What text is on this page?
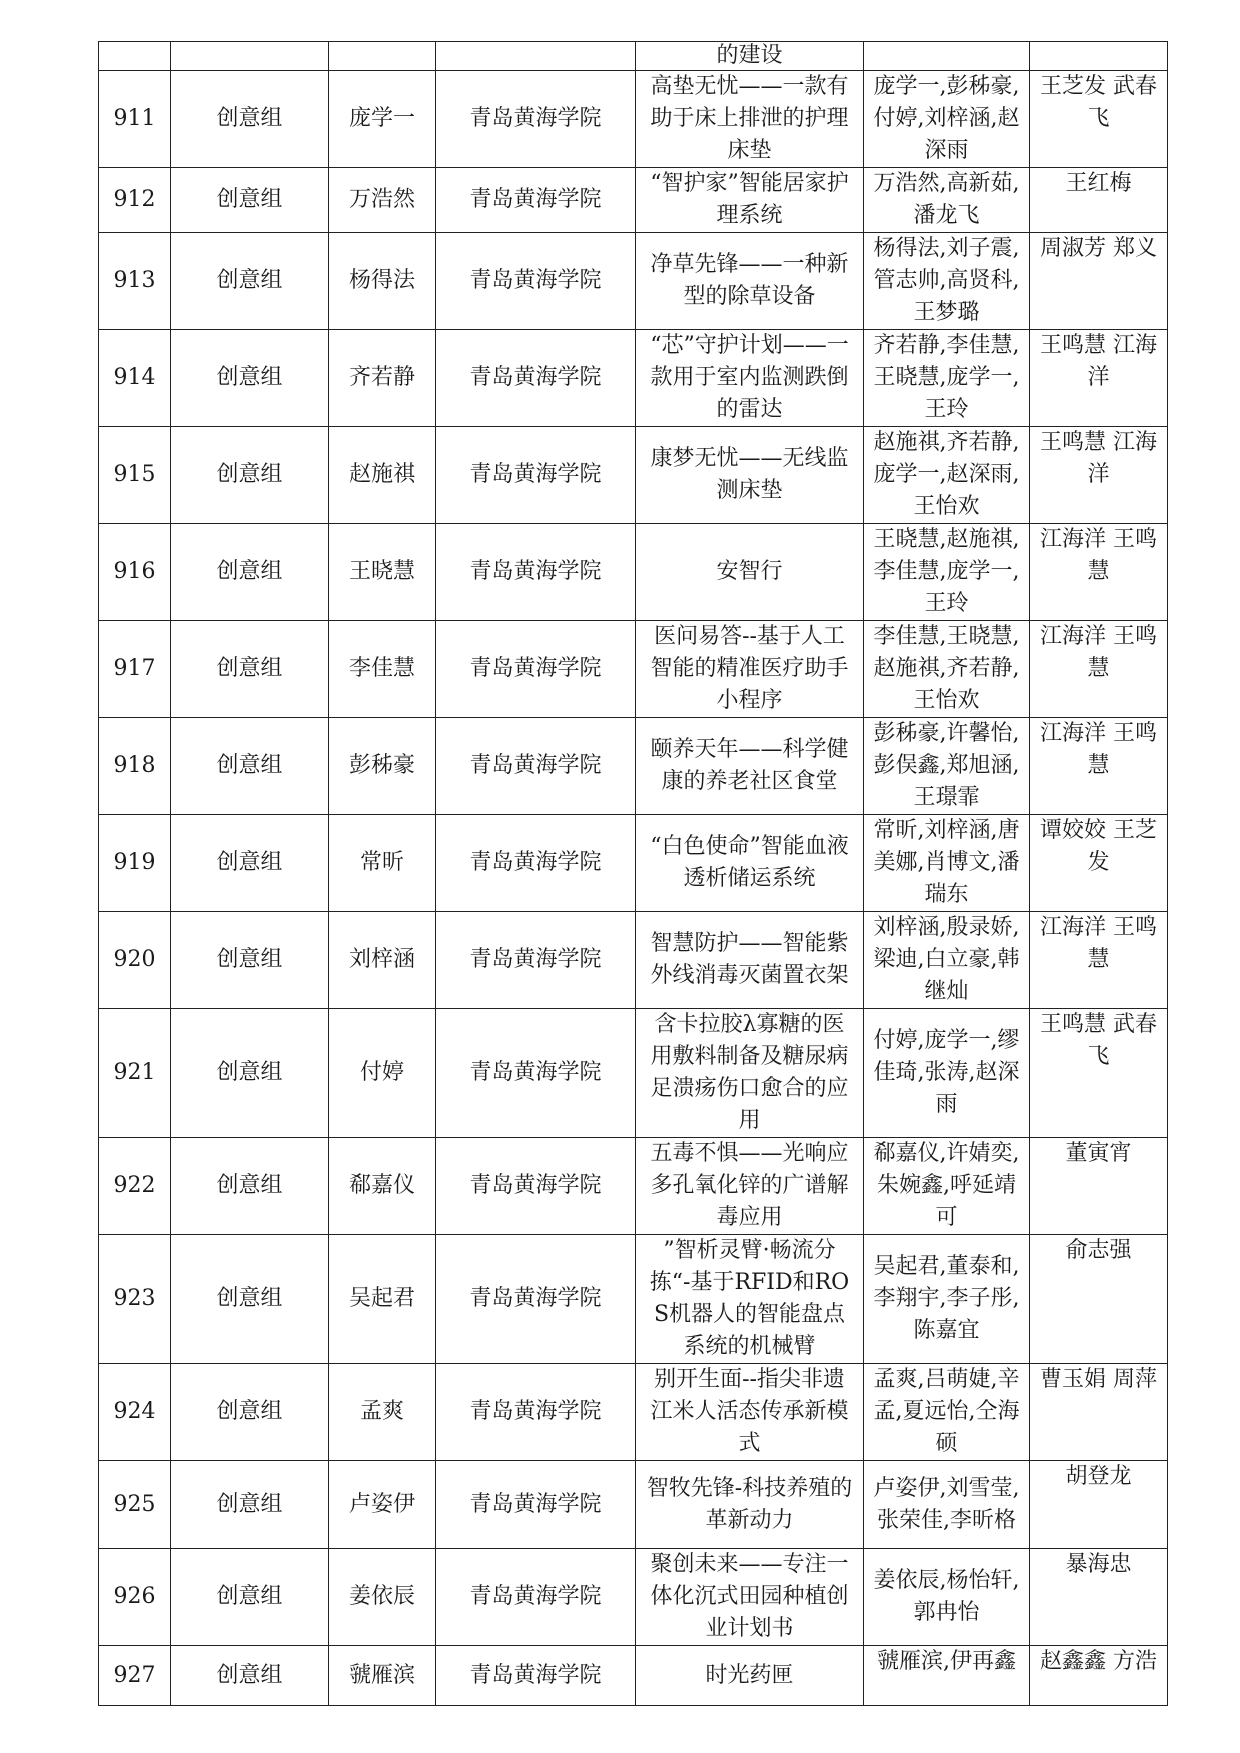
				的建设		
911	创意组	庞学一	青岛黄海学院	高垫无忧——一款有助于床上排泄的护理床垫	庞学一,彭秭豪,付婷,刘梓涵,赵深雨	王芝发 武春飞
912	创意组	万浩然	青岛黄海学院	“智护家”智能居家护理系统	万浩然,高新茹,潘龙飞	王红梅
913	创意组	杨得法	青岛黄海学院	净草先锋——一种新型的除草设备	杨得法,刘子震,管志帅,高贤科,王梦璐	周淑芳 郑义
914	创意组	齐若静	青岛黄海学院	“芯”守护计划——一款用于室内监测跌倒的雷达	齐若静,李佳慧,王晓慧,庞学一,王玲	王鸣慧 江海洋
915	创意组	赵施祺	青岛黄海学院	康梦无忧——无线监测床垫	赵施祺,齐若静,庞学一,赵深雨,王怡欢	王鸣慧 江海洋
916	创意组	王晓慧	青岛黄海学院	安智行	王晓慧,赵施祺,李佳慧,庞学一,王玲	江海洋 王鸣慧
917	创意组	李佳慧	青岛黄海学院	医问易答--基于人工智能的精准医疗助手小程序	李佳慧,王晓慧,赵施祺,齐若静,王怡欢	江海洋 王鸣慧
918	创意组	彭秭豪	青岛黄海学院	颐养天年——科学健康的养老社区食堂	彭秭豪,许馨怡,彭俣鑫,郑旭涵,王璟霏	江海洋 王鸣慧
919	创意组	常昕	青岛黄海学院	“白色使命”智能血液透析储运系统	常昕,刘梓涵,唐美娜,肖博文,潘瑞东	谭姣姣 王芝发
920	创意组	刘梓涵	青岛黄海学院	智慧防护——智能紫外线消毒灭菌置衣架	刘梓涵,殷录娇,梁迪,白立豪,韩继灿	江海洋 王鸣慧
921	创意组	付婷	青岛黄海学院	含卡拉胶λ寡糖的医用敷料制备及糖尿病足溃疡伤口愈合的应用	付婷,庞学一,缪佳琦,张涛,赵深雨	王鸣慧 武春飞
922	创意组	郗嘉仪	青岛黄海学院	五毒不惧——光响应多孔氧化锌的广谱解毒应用	郗嘉仪,许婧奕,朱婉鑫,呼延靖可	董寅宵
923	创意组	吴起君	青岛黄海学院	”智析灵臂·畅流分拣“-基于RFID和ROS机器人的智能盘点系统的机械臂	吴起君,董泰和,李翔宇,李子彤,陈嘉宜	俞志强
924	创意组	孟爽	青岛黄海学院	别开生面--指尖非遗江米人活态传承新模式	孟爽,吕萌婕,辛孟,夏远怡,仝海硕	曹玉娟 周萍
925	创意组	卢姿伊	青岛黄海学院	智牧先锋-科技养殖的革新动力	卢姿伊,刘雪莹,张荣佳,李昕格	胡登龙
926	创意组	姜依辰	青岛黄海学院	聚创未来——专注一体化沉式田园种植创业计划书	姜依辰,杨怡轩,郭冉怡	暴海忠
927	创意组	虢雁滨	青岛黄海学院	时光药匣	虢雁滨,伊再鑫	赵鑫鑫 方浩
